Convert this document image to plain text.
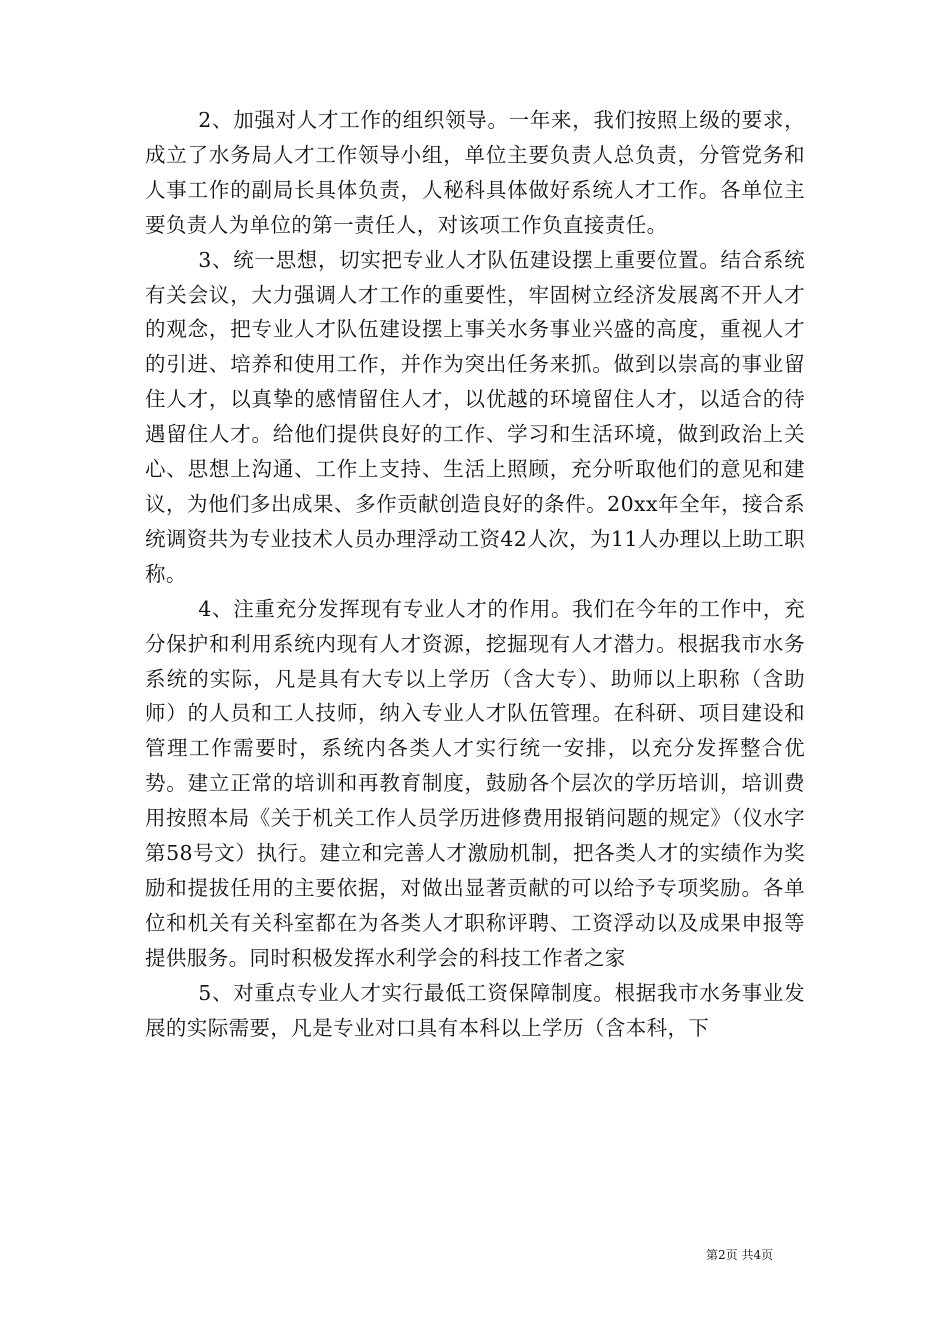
2、加强对人才工作的组织领导。一年来，我们按照上级的要求，成立了水务局人才工作领导小组，单位主要负责人总负责，分管党务和人事工作的副局长具体负责，人秘科具体做好系统人才工作。各单位主要负责人为单位的第一责任人，对该项工作负直接责任。

3、统一思想，切实把专业人才队伍建设摆上重要位置。结合系统有关会议，大力强调人才工作的重要性，牢固树立经济发展离不开人才的观念，把专业人才队伍建设摆上事关水务事业兴盛的高度，重视人才的引进、培养和使用工作，并作为突出任务来抓。做到以崇高的事业留住人才，以真挚的感情留住人才，以优越的环境留住人才，以适合的待遇留住人才。给他们提供良好的工作、学习和生活环境，做到政治上关心、思想上沟通、工作上支持、生活上照顾，充分听取他们的意见和建议，为他们多出成果、多作贡献创造良好的条件。20xx年全年，接合系统调资共为专业技术人员办理浮动工资42人次，为11人办理以上助工职称。

4、注重充分发挥现有专业人才的作用。我们在今年的工作中，充分保护和利用系统内现有人才资源，挖掘现有人才潜力。根据我市水务系统的实际，凡是具有大专以上学历（含大专）、助师以上职称（含助师）的人员和工人技师，纳入专业人才队伍管理。在科研、项目建设和管理工作需要时，系统内各类人才实行统一安排，以充分发挥整合优势。建立正常的培训和再教育制度，鼓励各个层次的学历培训，培训费用按照本局《关于机关工作人员学历进修费用报销问题的规定》（仪水字第58号文）执行。建立和完善人才激励机制，把各类人才的实绩作为奖励和提拔任用的主要依据，对做出显著贡献的可以给予专项奖励。各单位和机关有关科室都在为各类人才职称评聘、工资浮动以及成果申报等提供服务。同时积极发挥水利学会的科技工作者之家

5、对重点专业人才实行最低工资保障制度。根据我市水务事业发展的实际需要，凡是专业对口具有本科以上学历（含本科，下

第2页 共4页
